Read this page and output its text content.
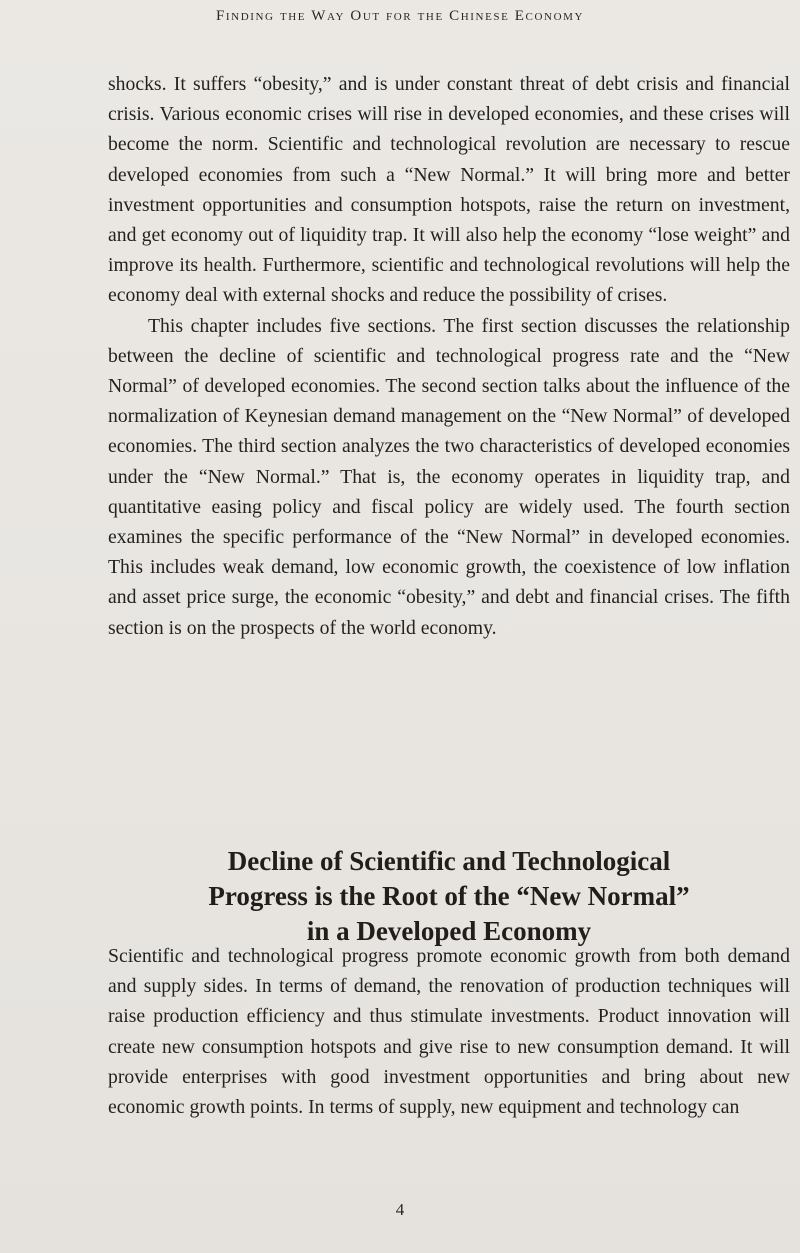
Finding the Way Out for the Chinese Economy

shocks. It suffers “obesity,” and is under constant threat of debt crisis and financial crisis. Various economic crises will rise in developed economies, and these crises will become the norm. Scientific and technological revolution are necessary to rescue developed economies from such a “New Normal.” It will bring more and better investment opportunities and consumption hotspots, raise the return on investment, and get economy out of liquidity trap. It will also help the economy “lose weight” and improve its health. Furthermore, scientific and technological revolutions will help the economy deal with external shocks and reduce the possibility of crises.

This chapter includes five sections. The first section discusses the relationship between the decline of scientific and technological progress rate and the “New Normal” of developed economies. The second section talks about the influence of the normalization of Keynesian demand management on the “New Normal” of developed economies. The third section analyzes the two characteristics of developed economies under the “New Normal.” That is, the economy operates in liquidity trap, and quantitative easing policy and fiscal policy are widely used. The fourth section examines the specific performance of the “New Normal” in developed economies. This includes weak demand, low economic growth, the coexistence of low inflation and asset price surge, the economic “obesity,” and debt and financial crises. The fifth section is on the prospects of the world economy.

Decline of Scientific and Technological
Progress is the Root of the “New Normal”
in a Developed Economy

Scientific and technological progress promote economic growth from both demand and supply sides. In terms of demand, the renovation of production techniques will raise production efficiency and thus stimulate investments. Product innovation will create new consumption hotspots and give rise to new consumption demand. It will provide enterprises with good investment opportunities and bring about new economic growth points. In terms of supply, new equipment and technology can

4
